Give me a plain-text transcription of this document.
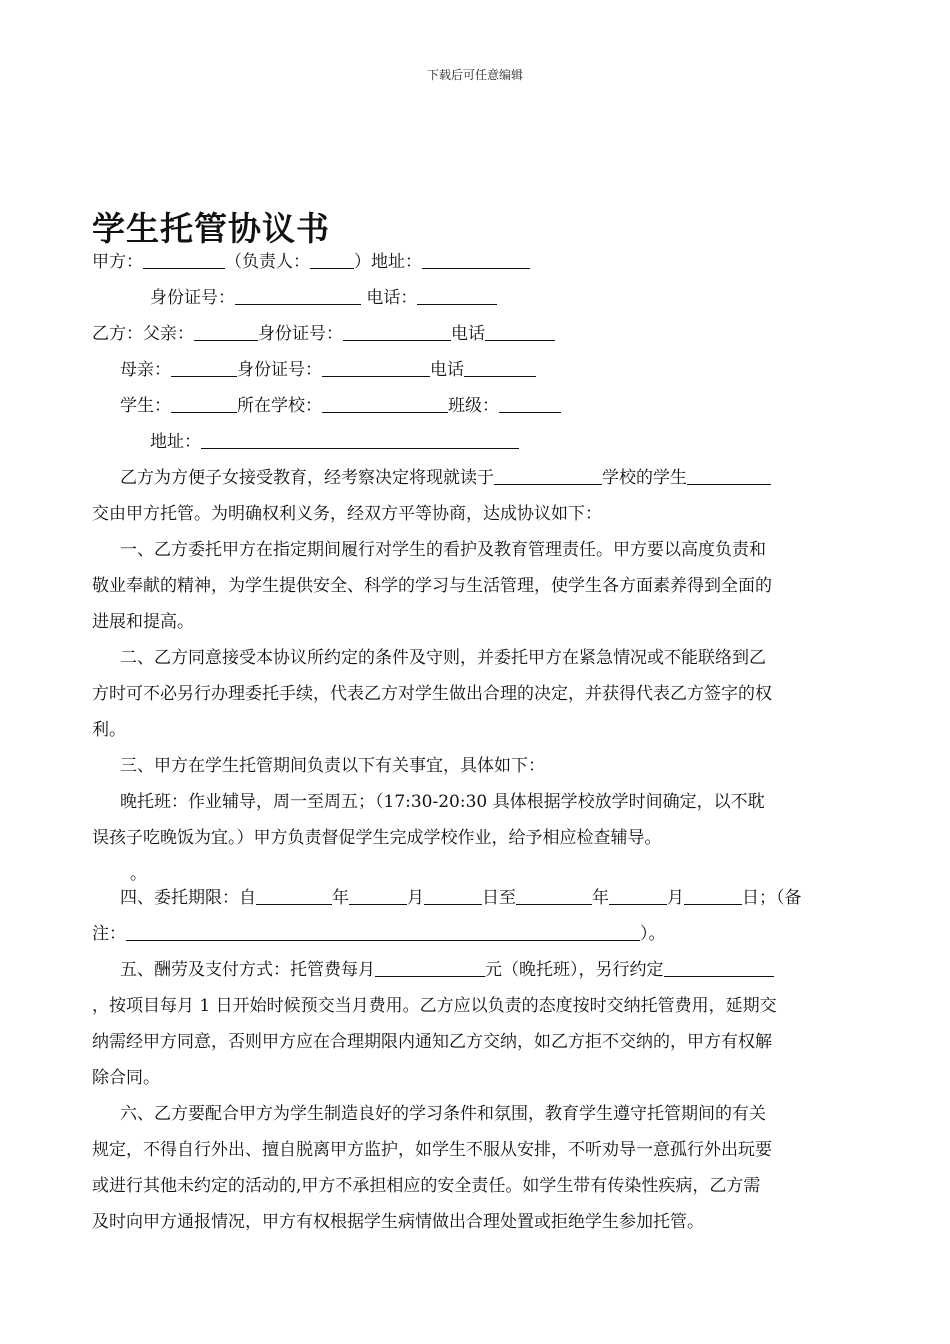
下载后可任意编辑
学生托管协议书
甲方：	（负责人：	）地址：
身份证号：	电话：
乙方：父亲：	身份证号：	电话
母亲：	身份证号：	电话
学生：	所在学校：	班级：
地址：
乙方为方便子女接受教育，经考察决定将现就读于	学校的学生
交由甲方托管。为明确权利义务，经双方平等协商，达成协议如下：
一、乙方委托甲方在指定期间履行对学生的看护及教育管理责任。甲方要以高度负责和
敬业奉献的精神，为学生提供安全、科学的学习与生活管理，使学生各方面素养得到全面的
进展和提高。
二、乙方同意接受本协议所约定的条件及守则，并委托甲方在紧急情况或不能联络到乙
方时可不必另行办理委托手续，代表乙方对学生做出合理的决定，并获得代表乙方签字的权
利。
三、甲方在学生托管期间负责以下有关事宜，具体如下：
晚托班：作业辅导，周一至周五；（17:30-20:30 具体根据学校放学时间确定，以不耽
误孩子吃晚饭为宜。）甲方负责督促学生完成学校作业，给予相应检查辅导。
。
四、委托期限：自	年	月	日至	年	月	日；（备
注：	）。
五、酬劳及支付方式：托管费每月	元（晚托班），另行约定
，按项目每月 1 日开始时候预交当月费用。乙方应以负责的态度按时交纳托管费用，延期交
纳需经甲方同意，否则甲方应在合理期限内通知乙方交纳，如乙方拒不交纳的，甲方有权解
除合同。
六、乙方要配合甲方为学生制造良好的学习条件和氛围，教育学生遵守托管期间的有关
规定，不得自行外出、擅自脱离甲方监护，如学生不服从安排，不听劝导一意孤行外出玩要
或进行其他未约定的活动的,甲方不承担相应的安全责任。如学生带有传染性疾病，乙方需
及时向甲方通报情况，甲方有权根据学生病情做出合理处置或拒绝学生参加托管。
